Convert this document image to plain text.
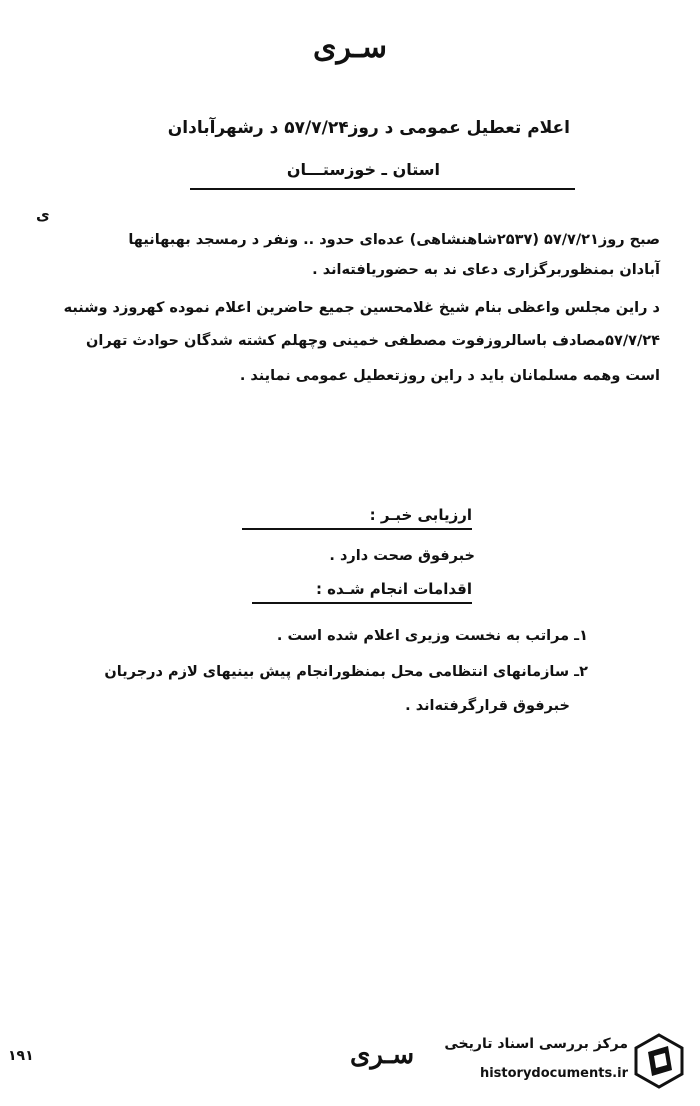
سـرى
اعلام تعطیل عمومی د روز۵۷/۷/۲۴ د رشهرآبادان
استان ـ خوزستـــان
ى
صبح روز۵۷/۷/۲۱ (۲۵۳۷شاهنشاهی) عده‌ای حدود .. ونفر د رمسجد بهبهانیها
آبادان بمنظوربرگزاری دعای ند به حضوریافته‌اند .
د راین مجلس واعظی بنام شیخ غلامحسین جمیع حاضرین اعلام نموده کهروزد وشنبه
۵۷/۷/۲۴مصادف باسالروزفوت مصطفی خمینی وچهلم کشته شدگان حوادث تهران
است وهمه مسلمانان باید د راین روزتعطیل عمومی نمایند .
ارزیابی خبـر :
خبرفوق صحت دارد .
اقدامات انجام شـده :
۱ـ مراتب به نخست وزیری اعلام شده است .
۲ـ سازمانهای انتظامی محل بمنظورانجام پیش بینیهای لازم درجریان
خبرفوق قرارگرفته‌اند .
سـرى
۱۹۱
مرکز بررسی اسناد تاریخی
historydocuments.ir
